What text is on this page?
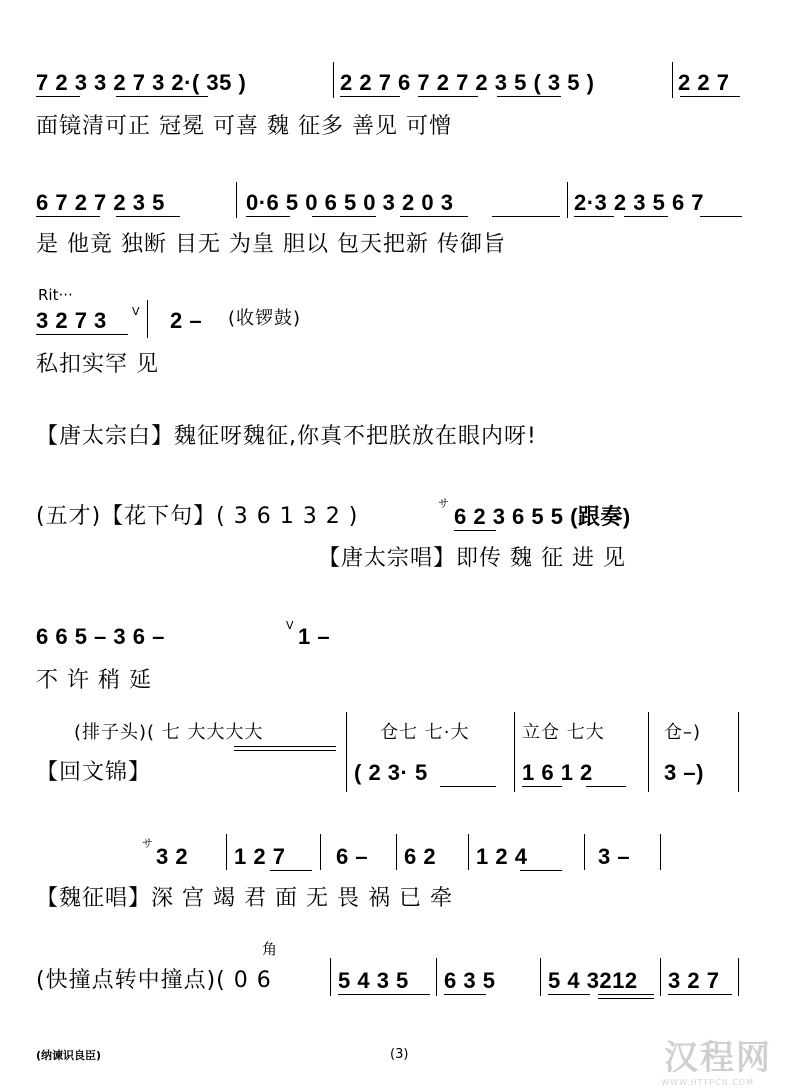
7 2 3 3 2 7 3 2·( 35 )	2 2 7 6 7 2 7 2 3 5 ( 3 5 )	2 2 7
面镜清可正 冠冕 可喜 魏 征多 善见 可憎
6 7 2 7 2 3 5	0·6 5 0 6 5 0 3 2 0 3	2·3 2 3 5 6 7
是 他竟 独断 目无 为皇 胆以 包天把新 传御旨
Rit···
3 2 7 3 V 2 – (收锣鼓)
私扣实罕 见
【唐太宗白】魏征呀魏征,你真不把朕放在眼内呀!
(五才)【花下句】( 3 6 1 3 2 )
サ
6 2 3 6 5 5 (跟奏)
【唐太宗唱】即传 魏 征 进 见
6 6 5 – 3 6 –	V 1 –
不 许 稍 延
(排子头)( 七 大大大大	仓七 七·大	立仓 七大	仓–)
【回文锦】	( 2 3· 5	1 6 1 2	3 –)
サ
3 2 1 2 7 6 – 6 2 1 2 4	3 –
【魏征唱】深 宫 竭 君 面 无 畏 祸 已 牵
角
(快撞点转中撞点)( 0 6	5 4 3 5 6 3 5 5 4 3212 3 2 7
(纳谏识良臣)	(3)	汉程网
WWW.HTTPCN.COM
